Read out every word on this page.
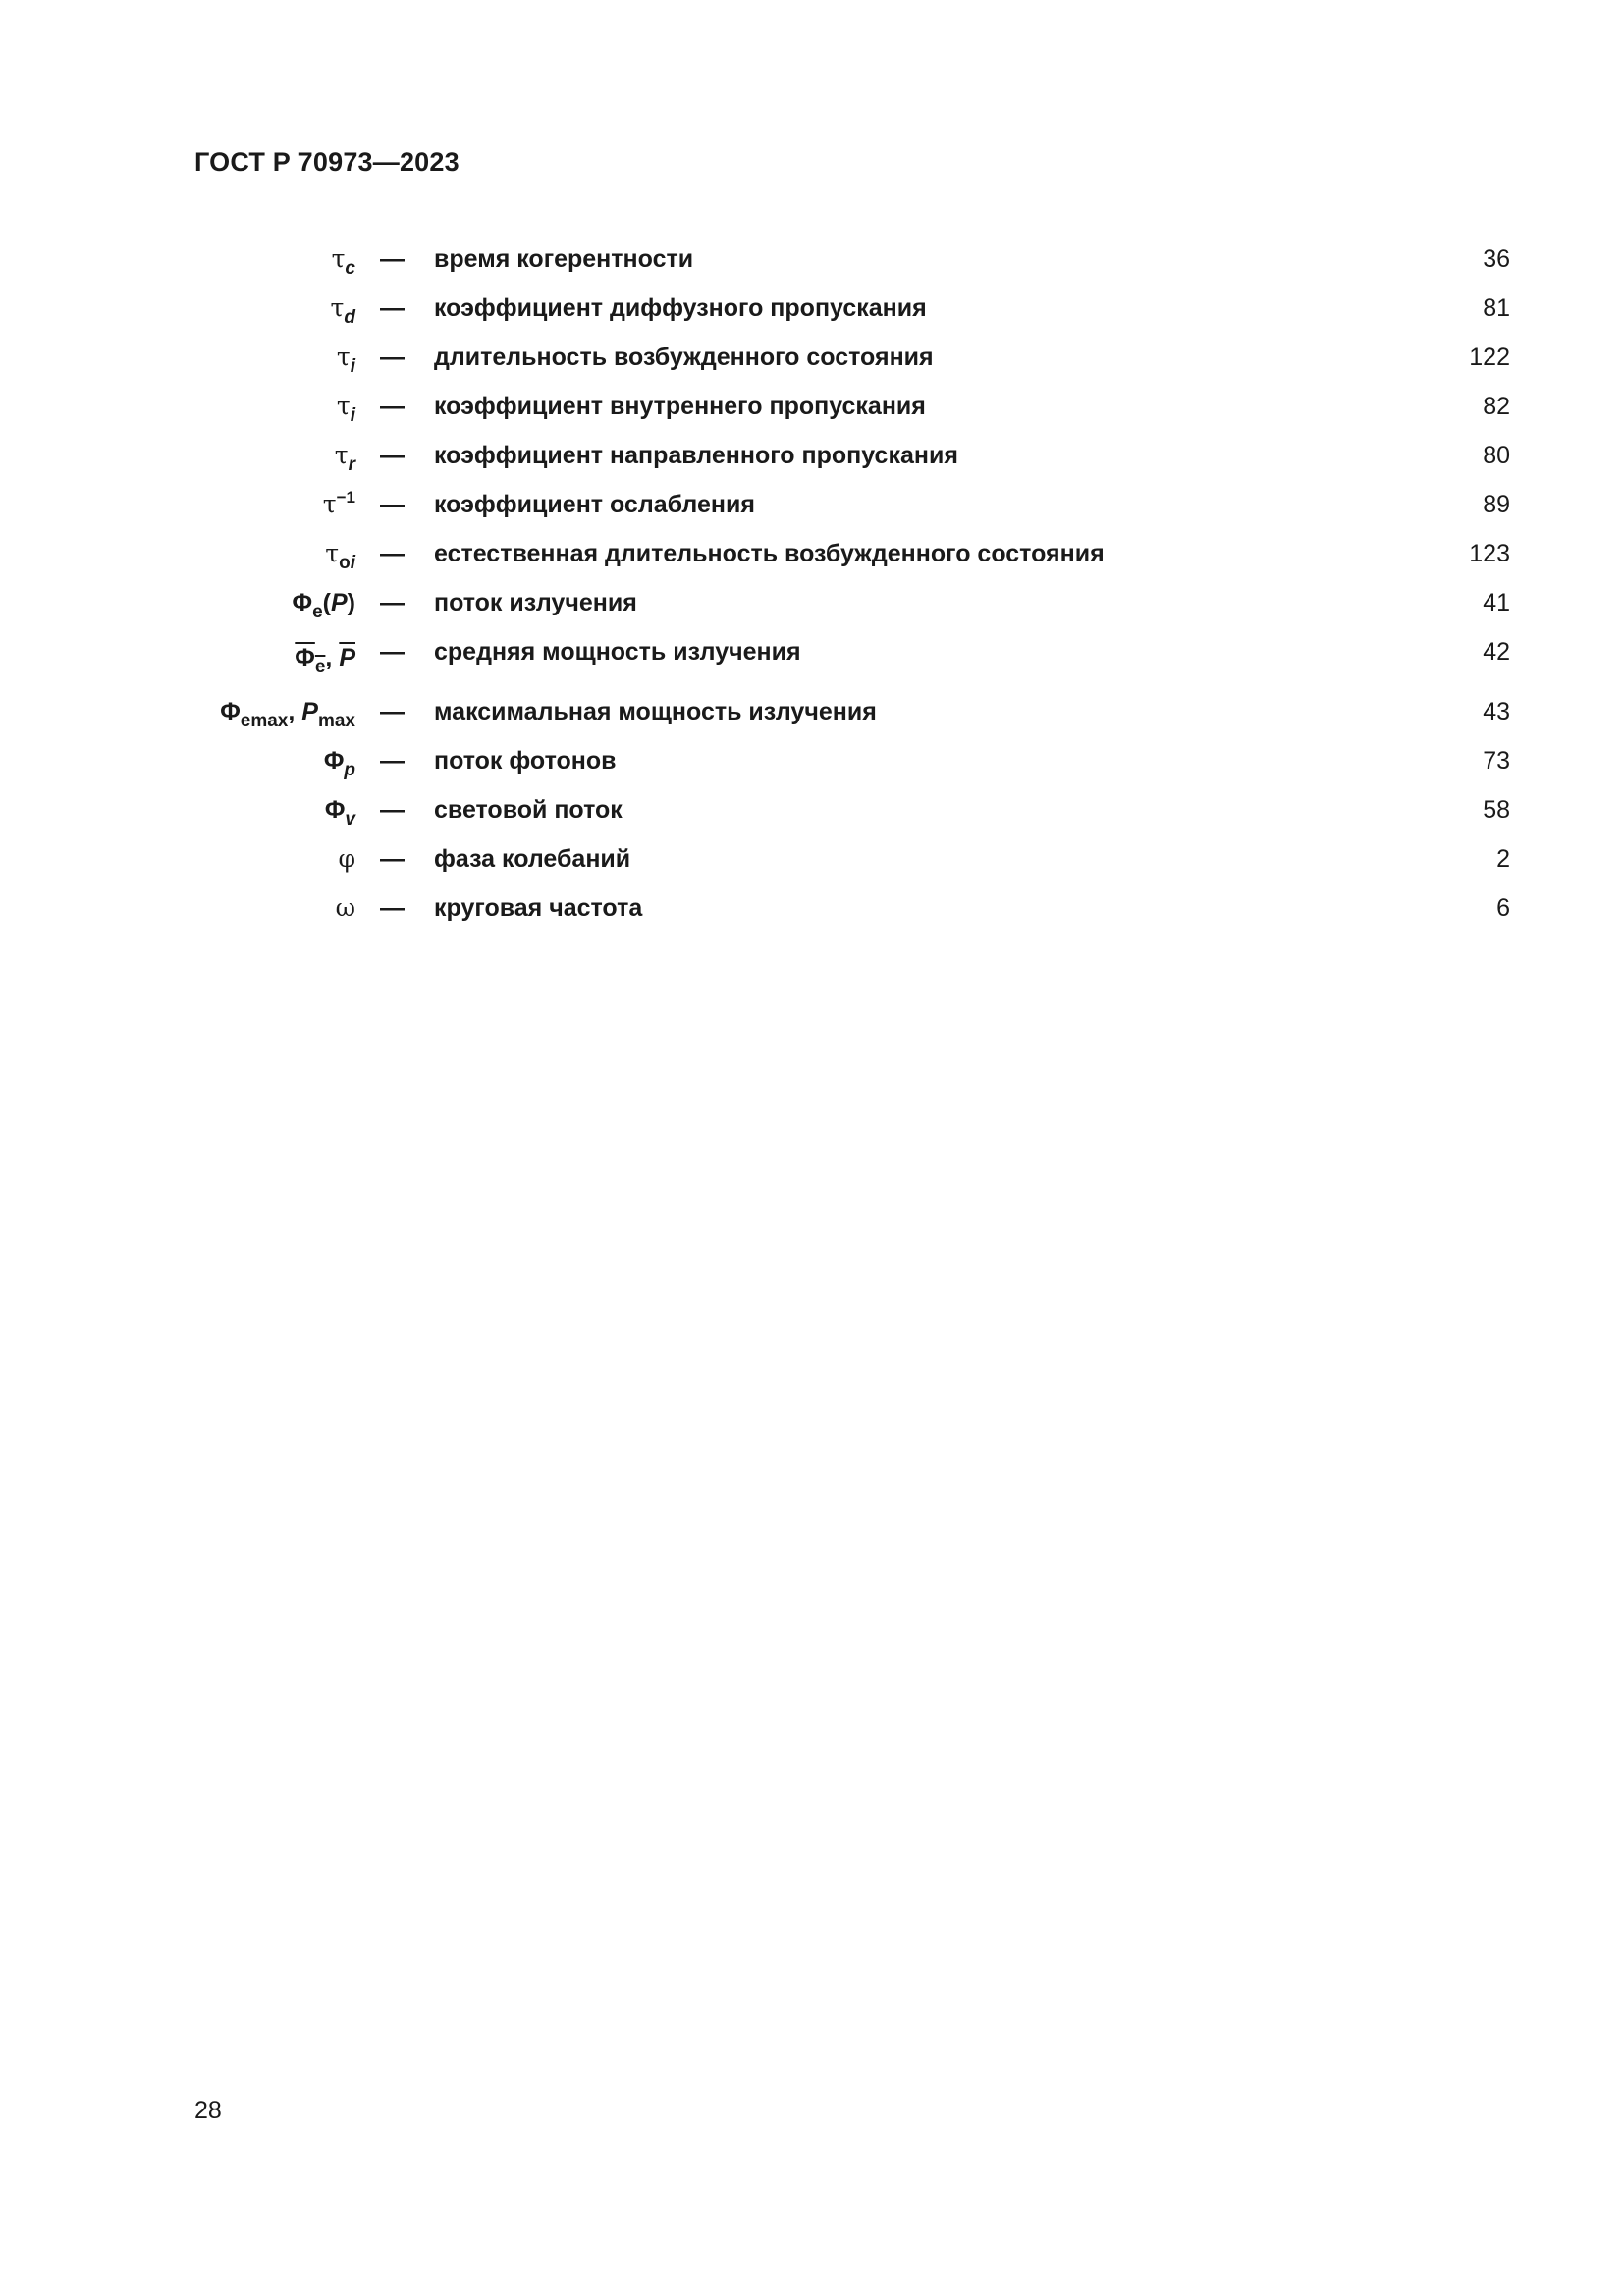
ГОСТ Р 70973—2023
$\tau_c$ — время когерентности	36
$\tau_d$ — коэффициент диффузного пропускания	81
$\tau_i$ — длительность возбужденного состояния	122
$\tau_i$ — коэффициент внутреннего пропускания	82
$\tau_r$ — коэффициент направленного пропускания	80
$\tau^{-1}$ — коэффициент ослабления	89
$\tau_{oi}$ — естественная длительность возбужденного состояния	123
$\Phi_e(P)$ — поток излучения	41
$\Phi_e$, $\overline{P}$ — средняя мощность излучения	42
$\Phi_{emax}$, $P_{max}$ — максимальная мощность излучения	43
$\Phi_p$ — поток фотонов	73
$\Phi_v$ — световой поток	58
φ — фаза колебаний	2
ω — круговая частота	6
28
